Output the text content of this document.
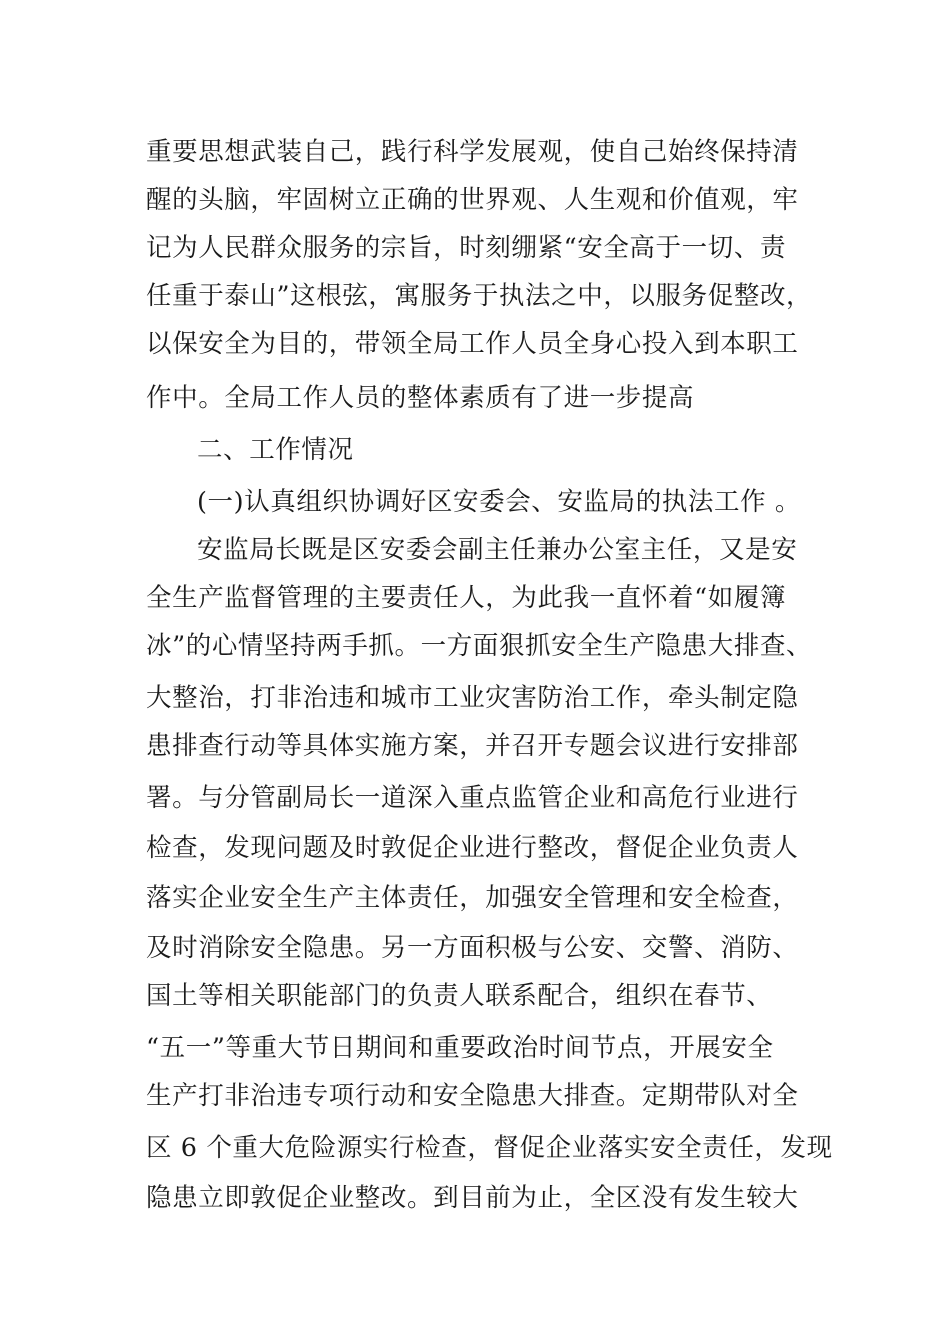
重要思想武装自己，践行科学发展观，使自己始终保持清
醒的头脑，牢固树立正确的世界观、人生观和价值观，牢
记为人民群众服务的宗旨，时刻绷紧“安全高于一切、责
任重于泰山”这根弦，寓服务于执法之中，以服务促整改，
以保安全为目的，带领全局工作人员全身心投入到本职工
作中。全局工作人员的整体素质有了进一步提高
二、工作情况
(一)认真组织协调好区安委会、安监局的执法工作 。
安监局长既是区安委会副主任兼办公室主任，又是安
全生产监督管理的主要责任人，为此我一直怀着“如履簿
冰”的心情坚持两手抓。一方面狠抓安全生产隐患大排查、
大整治，打非治违和城市工业灾害防治工作，牵头制定隐
患排查行动等具体实施方案，并召开专题会议进行安排部
署。与分管副局长一道深入重点监管企业和高危行业进行
检查，发现问题及时敦促企业进行整改，督促企业负责人
落实企业安全生产主体责任，加强安全管理和安全检查，
及时消除安全隐患。另一方面积极与公安、交警、消防、
国土等相关职能部门的负责人联系配合，组织在春节、
“五一”等重大节日期间和重要政治时间节点，开展安全
生产打非治违专项行动和安全隐患大排查。定期带队对全
区 6 个重大危险源实行检查，督促企业落实安全责任，发现
隐患立即敦促企业整改。到目前为止，全区没有发生较大
